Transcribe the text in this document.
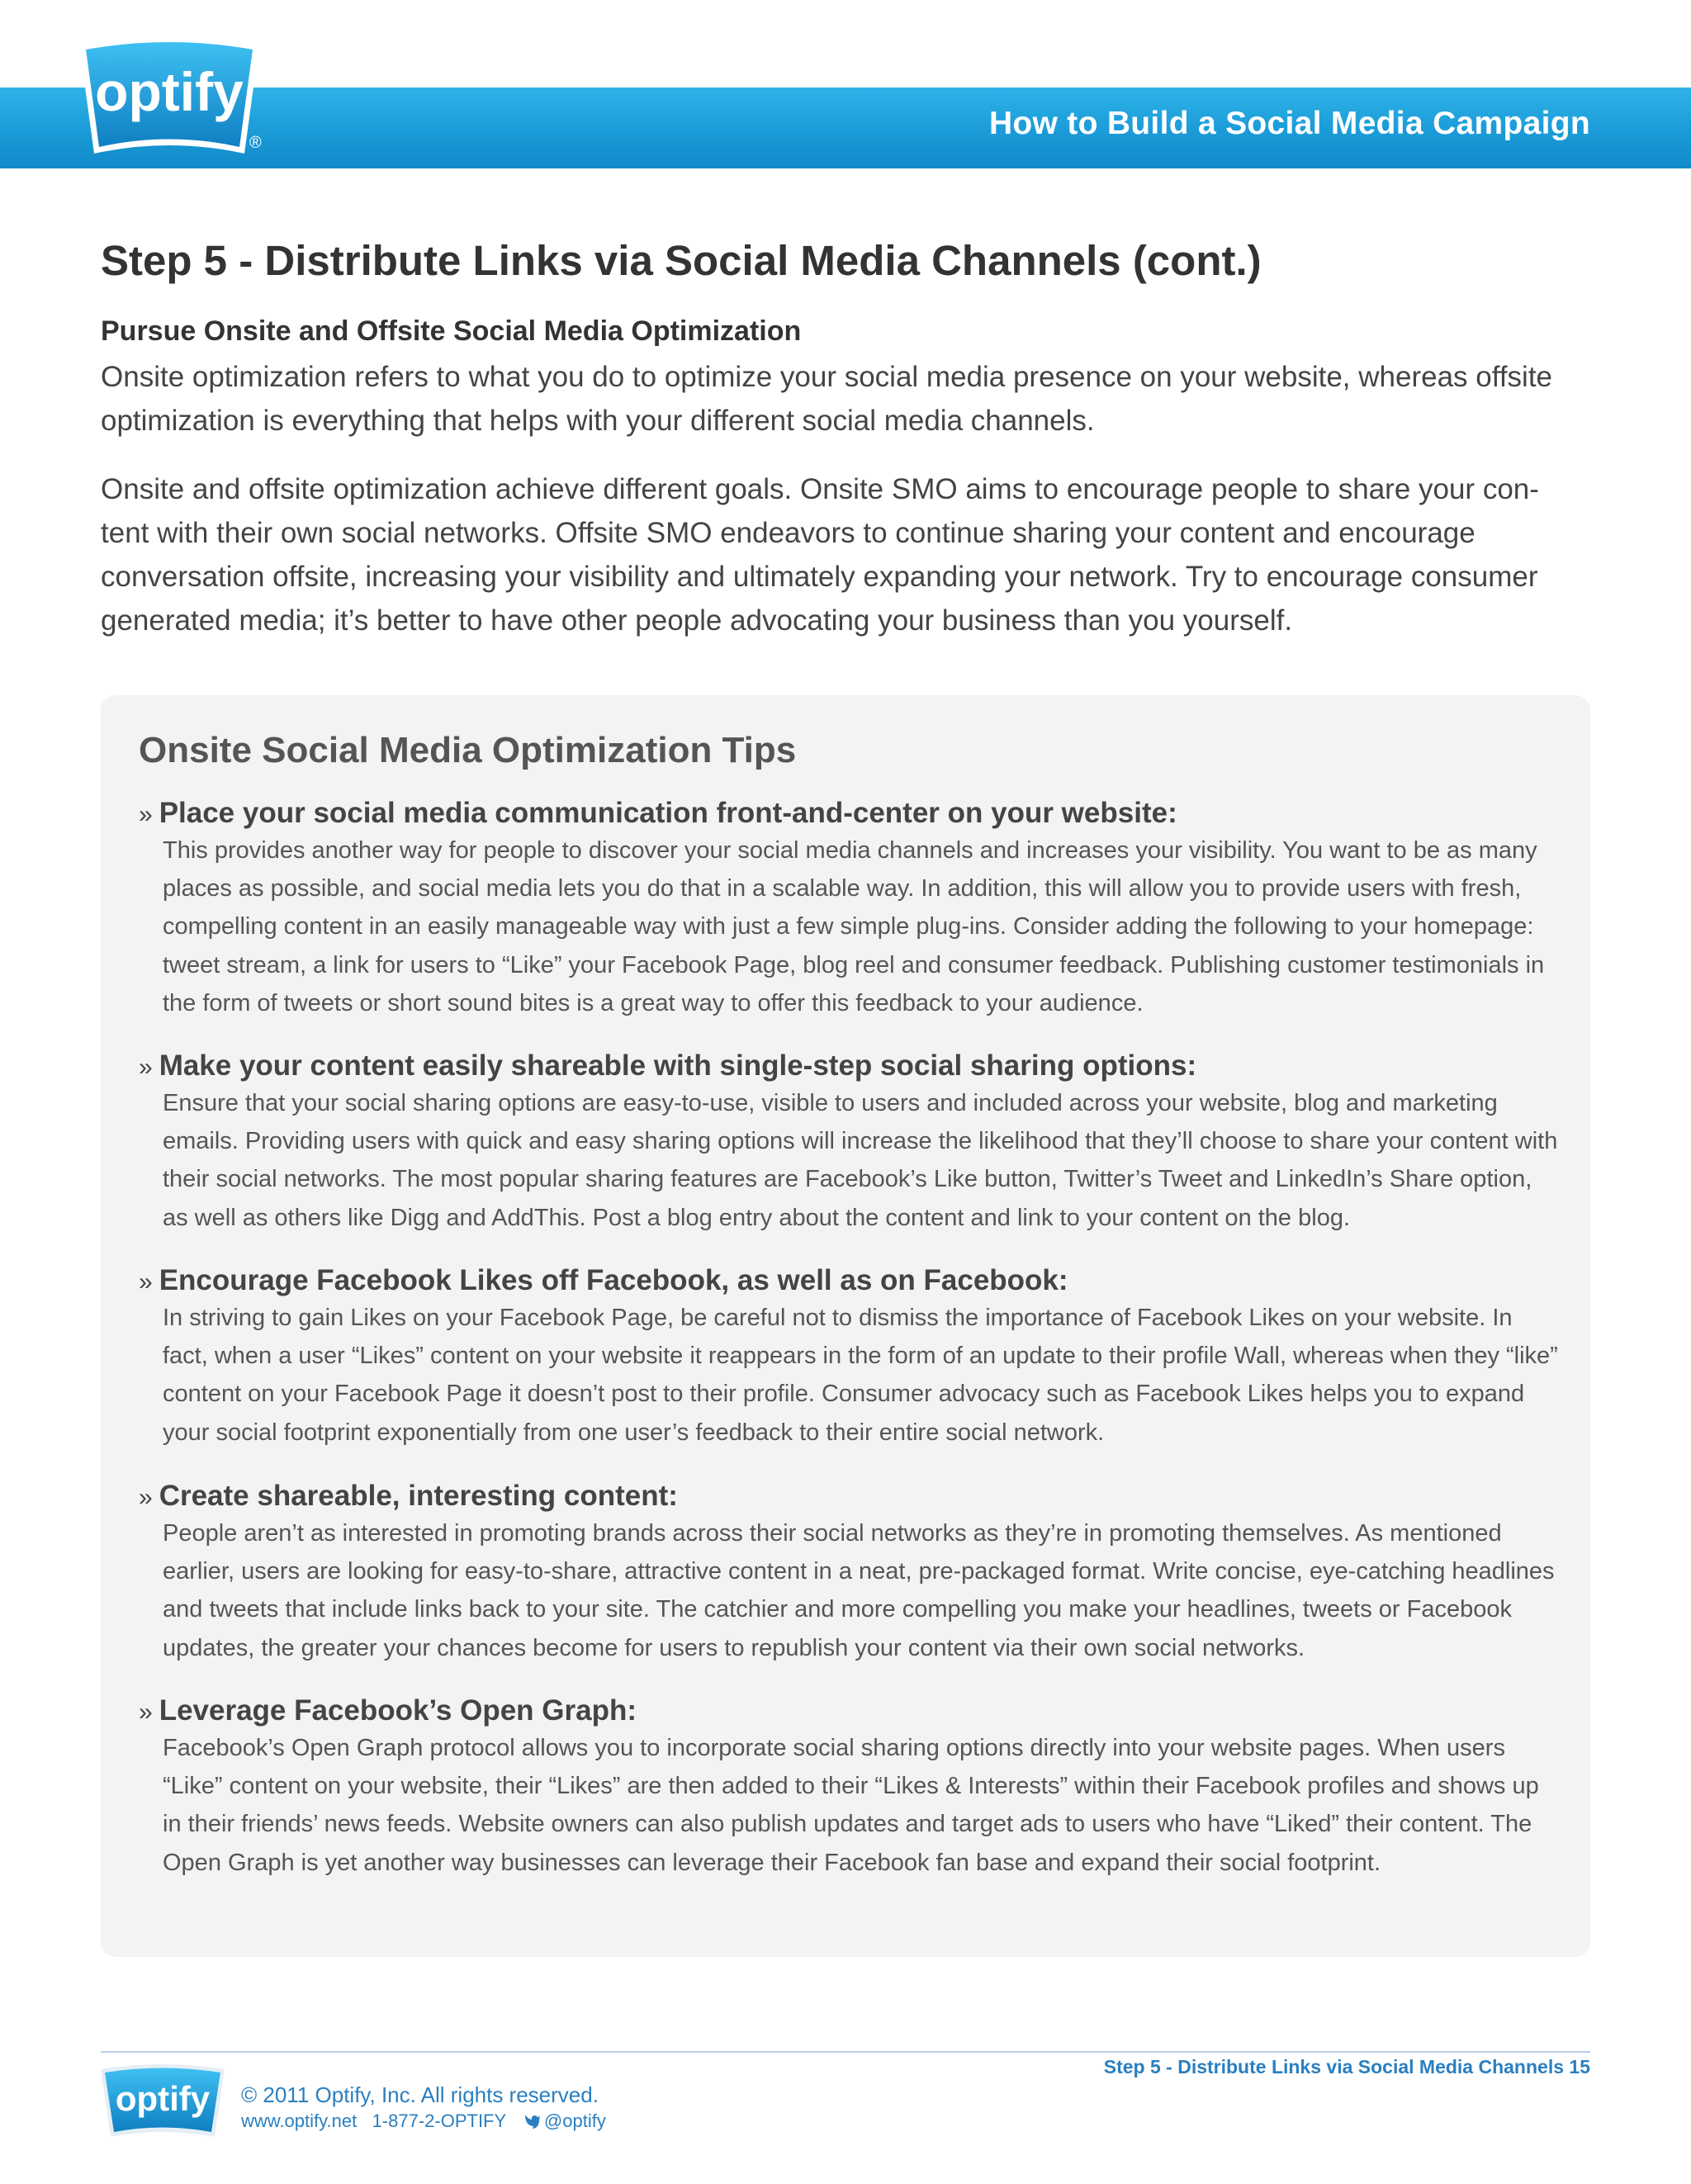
optify
®
How to Build a Social Media Campaign
Step 5 - Distribute Links via Social Media Channels (cont.)
Pursue Onsite and Offsite Social Media Optimization

Onsite optimization refers to what you do to optimize your social media presence on your website, whereas offsite optimization is everything that helps with your different social media channels.

Onsite and offsite optimization achieve different goals. Onsite SMO aims to encourage people to share your con-tent with their own social networks. Offsite SMO endeavors to continue sharing your content and encourage conversation offsite, increasing your visibility and ultimately expanding your network. Try to encourage consumer generated media; it’s better to have other people advocating your business than you yourself.

Onsite Social Media Optimization Tips
» Place your social media communication front-and-center on your website:
This provides another way for people to discover your social media channels and increases your visibility. You want to be as many places as possible, and social media lets you do that in a scalable way. In addition, this will allow you to provide users with fresh, compelling content in an easily manageable way with just a few simple plug-ins. Consider adding the following to your homepage: tweet stream, a link for users to “Like” your Facebook Page, blog reel and consumer feedback. Publishing customer testimonials in the form of tweets or short sound bites is a great way to offer this feedback to your audience.
» Make your content easily shareable with single-step social sharing options:
Ensure that your social sharing options are easy-to-use, visible to users and included across your website, blog and marketing emails. Providing users with quick and easy sharing options will increase the likelihood that they’ll choose to share your content with their social networks. The most popular sharing features are Facebook’s Like button, Twitter’s Tweet and LinkedIn’s Share option, as well as others like Digg and AddThis. Post a blog entry about the content and link to your content on the blog.
» Encourage Facebook Likes off Facebook, as well as on Facebook:
In striving to gain Likes on your Facebook Page, be careful not to dismiss the importance of Facebook Likes on your website. In fact, when a user “Likes” content on your website it reappears in the form of an update to their profile Wall, whereas when they “like” content on your Facebook Page it doesn’t post to their profile. Consumer advocacy such as Facebook Likes helps you to expand your social footprint exponentially from one user’s feedback to their entire social network.
» Create shareable, interesting content:
People aren’t as interested in promoting brands across their social networks as they’re in promoting themselves. As mentioned earlier, users are looking for easy-to-share, attractive content in a neat, pre-packaged format. Write concise, eye-catching headlines and tweets that include links back to your site. The catchier and more compelling you make your headlines, tweets or Facebook updates, the greater your chances become for users to republish your content via their own social networks.
» Leverage Facebook’s Open Graph:
Facebook’s Open Graph protocol allows you to incorporate social sharing options directly into your website pages. When users “Like” content on your website, their “Likes” are then added to their “Likes & Interests” within their Facebook profiles and shows up in their friends’ news feeds. Website owners can also publish updates and target ads to users who have “Liked” their content. The Open Graph is yet another way businesses can leverage their Facebook fan base and expand their social footprint.
Step 5 - Distribute Links via Social Media Channels 15
optify © 2011 Optify, Inc. All rights reserved.
www.optify.net 1-877-2-OPTIFY @optify
